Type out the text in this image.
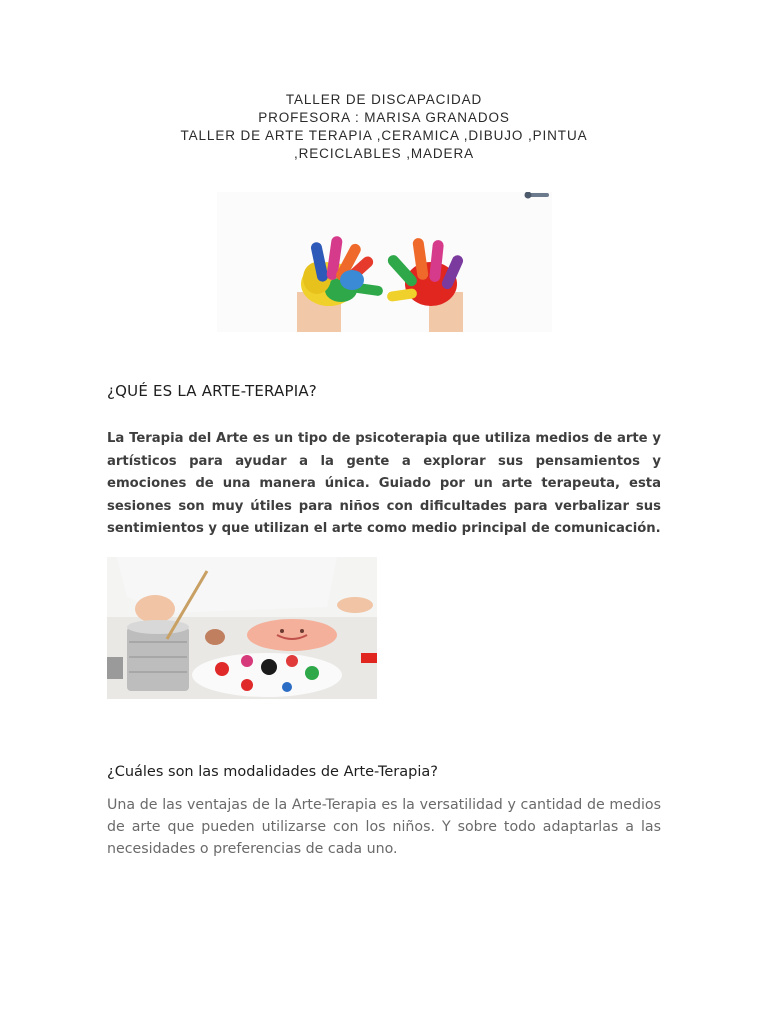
TALLER DE DISCAPACIDAD
PROFESORA : MARISA GRANADOS
TALLER DE ARTE TERAPIA ,CERAMICA ,DIBUJO ,PINTUA
,RECICLABLES ,MADERA
¿QUÉ ES LA ARTE-TERAPIA?
La Terapia del Arte es un tipo de psicoterapia que utiliza medios de arte y artísticos para ayudar a la gente a explorar sus pensamientos y emociones de una manera única. Guiado por un arte terapeuta, esta sesiones son muy útiles para niños con dificultades para verbalizar sus sentimientos y que utilizan el arte como medio principal de comunicación.
¿Cuáles son las modalidades de Arte-Terapia?
Una de las ventajas de la Arte-Terapia es la versatilidad y cantidad de medios de arte que pueden utilizarse con los niños. Y sobre todo adaptarlas a las necesidades o preferencias de cada uno.
